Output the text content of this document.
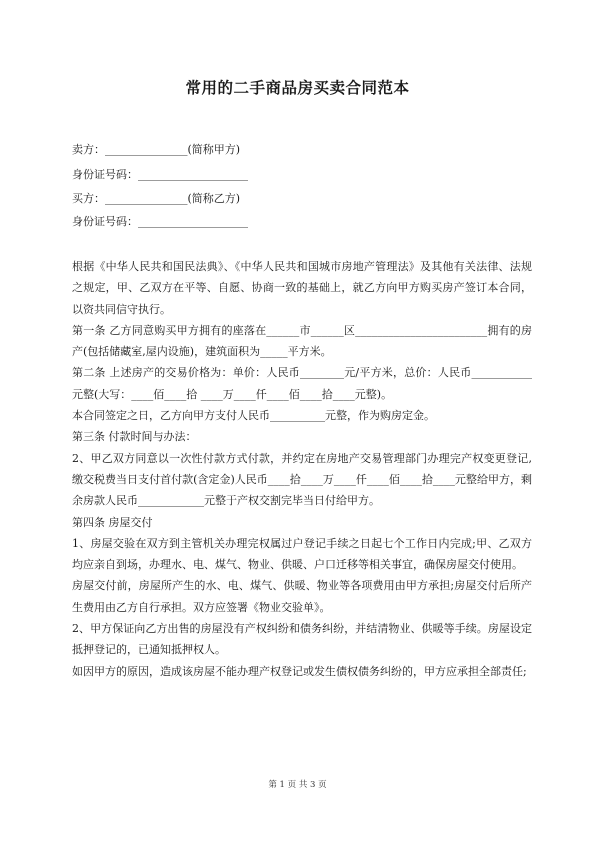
常用的二手商品房买卖合同范本
卖方：_______________(简称甲方)
身份证号码：____________________
买方：_______________(简称乙方)
身份证号码：____________________

根据《中华人民共和国民法典》、《中华人民共和国城市房地产管理法》及其他有关法律、法规之规定，甲、乙双方在平等、自愿、协商一致的基础上，就乙方向甲方购买房产签订本合同，以资共同信守执行。

第一条 乙方同意购买甲方拥有的座落在______市______区________________________拥有的房产(包括储藏室,屋内设施)，建筑面积为_____平方米。

第二条 上述房产的交易价格为：单价：人民币________元/平方米，总价：人民币___________元整(大写：____佰____拾 ____万____仟____佰____拾____元整)。

本合同签定之日，乙方向甲方支付人民币__________元整，作为购房定金。

第三条 付款时间与办法：

2、甲乙双方同意以一次性付款方式付款，并约定在房地产交易管理部门办理完产权变更登记,缴交税费当日支付首付款(含定金)人民币____拾____万____仟____佰____拾____元整给甲方，剩余房款人民币____________元整于产权交割完毕当日付给甲方。

第四条 房屋交付

1、房屋交验在双方到主管机关办理完权属过户登记手续之日起七个工作日内完成;甲、乙双方均应亲自到场，办理水、电、煤气、物业、供暖、户口迁移等相关事宜，确保房屋交付使用。

房屋交付前，房屋所产生的水、电、煤气、供暖、物业等各项费用由甲方承担;房屋交付后所产生费用由乙方自行承担。双方应签署《物业交验单》。

2、甲方保证向乙方出售的房屋没有产权纠纷和债务纠纷，并结清物业、供暖等手续。房屋设定抵押登记的，已通知抵押权人。

如因甲方的原因，造成该房屋不能办理产权登记或发生债权债务纠纷的，甲方应承担全部责任;

第 1 页 共 3 页
